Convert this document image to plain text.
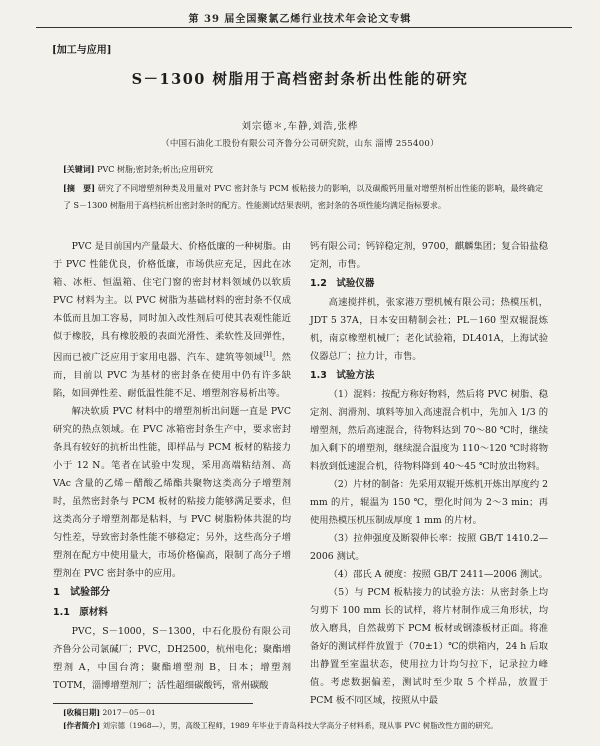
第 39 届全国聚氯乙烯行业技术年会论文专辑
[加工与应用]
S－1300 树脂用于高档密封条析出性能的研究
刘宗德＊,车静,刘浩,张桦
（中国石油化工股份有限公司齐鲁分公司研究院，山东 淄博 255400）
[关键词] PVC 树脂;密封条;析出;应用研究

[摘　要] 研究了不同增塑剂种类及用量对 PVC 密封条与 PCM 板粘接力的影响，以及碳酸钙用量对增塑剂析出性能的影响，最终确定了 S－1300 树脂用于高档抗析出密封条时的配方。性能测试结果表明，密封条的各项性能均满足指标要求。

PVC 是目前国内产量最大、价格低廉的一种树脂。由于 PVC 性能优良，价格低廉，市场供应充足，因此在冰箱、冰柜、恒温箱、住宅门窗的密封材料领域仍以软质 PVC 材料为主。以 PVC 树脂为基础材料的密封条不仅成本低而且加工容易，同时加入改性剂后可使其表观性能近似于橡胶，具有橡胶般的表面光滑性、柔软性及回弹性，因而已被广泛应用于家用电器、汽车、建筑等领域[1]。然而，目前以 PVC 为基材的密封条在使用中仍有许多缺陷，如回弹性差、耐低温性能不足、增塑剂容易析出等。

解决软质 PVC 材料中的增塑剂析出问题一直是 PVC 研究的热点领域。在 PVC 冰箱密封条生产中，要求密封条具有较好的抗析出性能，即样品与 PCM 板材的粘接力小于 12 N。笔者在试验中发现，采用高端粘结剂、高 VAc 含量的乙烯－醋酸乙烯酯共聚物这类高分子增塑剂时，虽然密封条与 PCM 板材的粘接力能够满足要求，但这类高分子增塑剂都是粘料，与 PVC 树脂粉体共混的均匀性差，导致密封条性能不够稳定；另外，这些高分子增塑剂在配方中使用量大，市场价格偏高，限制了高分子增塑剂在 PVC 密封条中的应用。

1　试验部分
1.1　原材料

PVC，S－1000，S－1300，中石化股份有限公司齐鲁分公司氯碱厂；PVC，DH2500，杭州电化；聚酯增塑剂 A，中国台湾；聚酯增塑剂 B，日本；增塑剂 TOTM，淄博增塑剂厂；活性超细碳酸钙，常州碳酸

钙有限公司；钙锌稳定剂，9700，麒麟集团；复合铅盐稳定剂，市售。

1.2　试验仪器

高速搅拌机，张家港万塑机械有限公司；热模压机，JDT 5 37A，日本安田精制会社；PL－160 型双辊混炼机，南京橡塑机械厂；老化试验箱，DL401A，上海试验仪器总厂；拉力计，市售。

1.3　试验方法

（1）混料：按配方称好物料，然后将 PVC 树脂、稳定剂、润滑剂、填料等加入高速混合机中，先加入 1/3 的增塑剂，然后高速混合，待物料达到 70～80 ℃时，继续加入剩下的增塑剂，继续混合温度为 110～120 ℃时将物料放到低速混合机，待物料降到 40～45 ℃时放出物料。

（2）片材的制备：先采用双辊开炼机开炼出厚度约 2 mm 的片，辊温为 150 ℃，塑化时间为 2～3 min；再使用热模压机压制成厚度 1 mm 的片材。

（3）拉伸强度及断裂伸长率：按照 GB/T 1410.2—2006 测试。

（4）邵氏 A 硬度：按照 GB/T 2411—2006 测试。

（5）与 PCM 板粘接力的试验方法：从密封条上均匀剪下 100 mm 长的试样，将片材制作成三角形状，均放入磨具，自然裁剪下 PCM 板材或钢漆板材正面。将准备好的测试样件放置于（70±1）℃的烘箱内，24 h 后取出静置至室温状态，使用拉力计均匀拉下，记录拉力峰值。考虑数据偏差，测试时至少取 5 个样品，放置于 PCM 板不同区域，按照从中最

[收稿日期] 2017－05－01

[作者简介] 刘宗德（1968—），男，高级工程师，1989 年毕业于青岛科技大学高分子材料系，现从事 PVC 树脂改性方面的研究。
